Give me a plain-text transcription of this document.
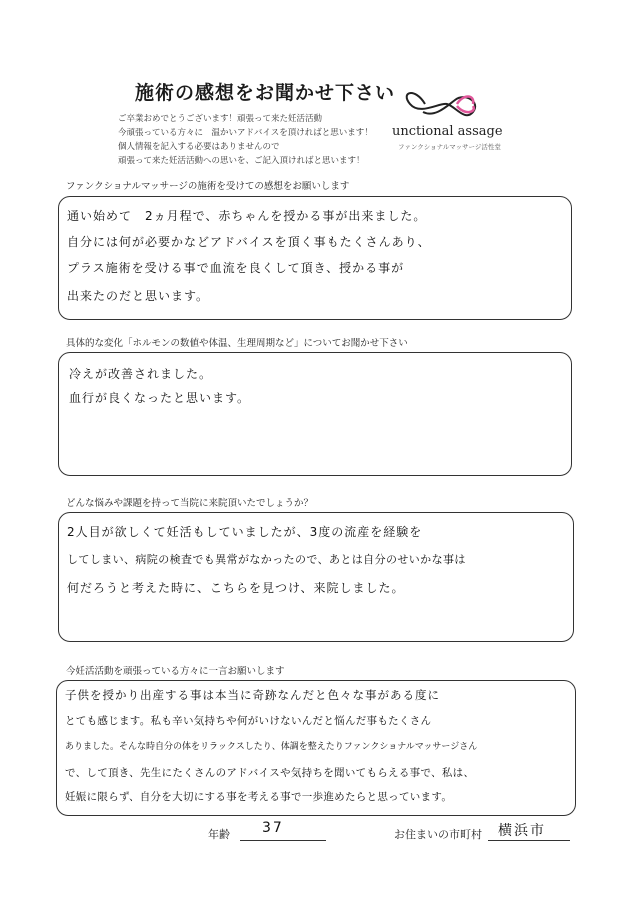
施術の感想をお聞かせ下さい
ご卒業おめでとうございます！頑張って来た妊活活動
今頑張っている方々に　温かいアドバイスを頂ければと思います！
個人情報を記入する必要はありませんので
頑張って来た妊活活動への思いを、ご記入頂ければと思います！
unctional assage
ファンクショナルマッサージ活性堂
ファンクショナルマッサージの施術を受けての感想をお願いします
通い始めて　2ヵ月程で、赤ちゃんを授かる事が出来ました。
自分には何が必要かなどアドバイスを頂く事もたくさんあり、
プラス施術を受ける事で血流を良くして頂き、授かる事が
出来たのだと思います。
具体的な変化「ホルモンの数値や体温、生理周期など」についてお聞かせ下さい
冷えが改善されました。
血行が良くなったと思います。
どんな悩みや課題を持って当院に来院頂いたでしょうか？
2人目が欲しくて妊活もしていましたが、3度の流産を経験を
してしまい、病院の検査でも異常がなかったので、あとは自分のせいかな事は
何だろうと考えた時に、こちらを見つけ、来院しました。
今妊活活動を頑張っている方々に一言お願いします
子供を授かり出産する事は本当に奇跡なんだと色々な事がある度に
とても感じます。私も辛い気持ちや何がいけないんだと悩んだ事もたくさん
ありました。そんな時自分の体をリラックスしたり、体調を整えたりファンクショナルマッサージさん
で、して頂き、先生にたくさんのアドバイスや気持ちを聞いてもらえる事で、私は、
妊娠に限らず、自分を大切にする事を考える事で一歩進めたらと思っています。
年齢 37	お住まいの市町村 横浜市
